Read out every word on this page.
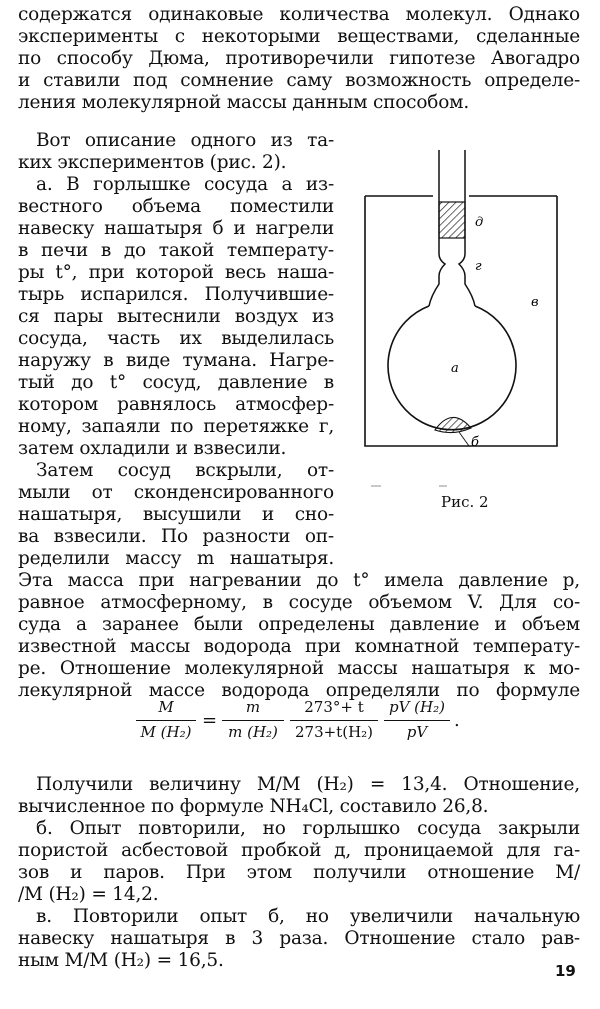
содержатся одинаковые количества молекул. Однако
эксперименты с некоторыми веществами, сделанные
по способу Дюма, противоречили гипотезе Авогадро
и ставили под сомнение саму возможность определе-
ления молекулярной массы данным способом.
Вот описание одного из та-
ких экспериментов (рис. 2).
а. В горлышке сосуда а из-
вестного объема поместили
навеску нашатыря б и нагрели
в печи в до такой температу-
ры t°, при которой весь наша-
тырь испарился. Получившие-
ся пары вытеснили воздух из
сосуда, часть их выделилась
наружу в виде тумана. Нагре-
тый до t° сосуд, давление в
котором равнялось атмосфер-
ному, запаяли по перетяжке г,
затем охладили и взвесили.
Затем сосуд вскрыли, от-
мыли от сконденсированного
нашатыря, высушили и сно-
ва взвесили. По разности оп-
ределили массу m нашатыря.
д
г
в
а
б
Рис. 2
Эта масса при нагревании до t° имела давление p,
равное атмосферному, в сосуде объемом V. Для со-
суда а заранее были определены давление и объем
известной массы водорода при комнатной температу-
ре. Отношение молекулярной массы нашатыря к мо-
лекулярной массе водорода определяли по формуле
M
M (H₂)
=
m
m (H₂)
273°+ t
273+t(H₂)
pV (H₂)
pV
.
Получили величину M/M (H₂) = 13,4. Отношение,
вычисленное по формуле NH₄Cl, составило 26,8.
б. Опыт повторили, но горлышко сосуда закрыли
пористой асбестовой пробкой д, проницаемой для га-
зов и паров. При этом получили отношение M/
/M (H₂) = 14,2.
в. Повторили опыт б, но увеличили начальную
навеску нашатыря в 3 раза. Отношение стало рав-
ным M/M (H₂) = 16,5.	19
